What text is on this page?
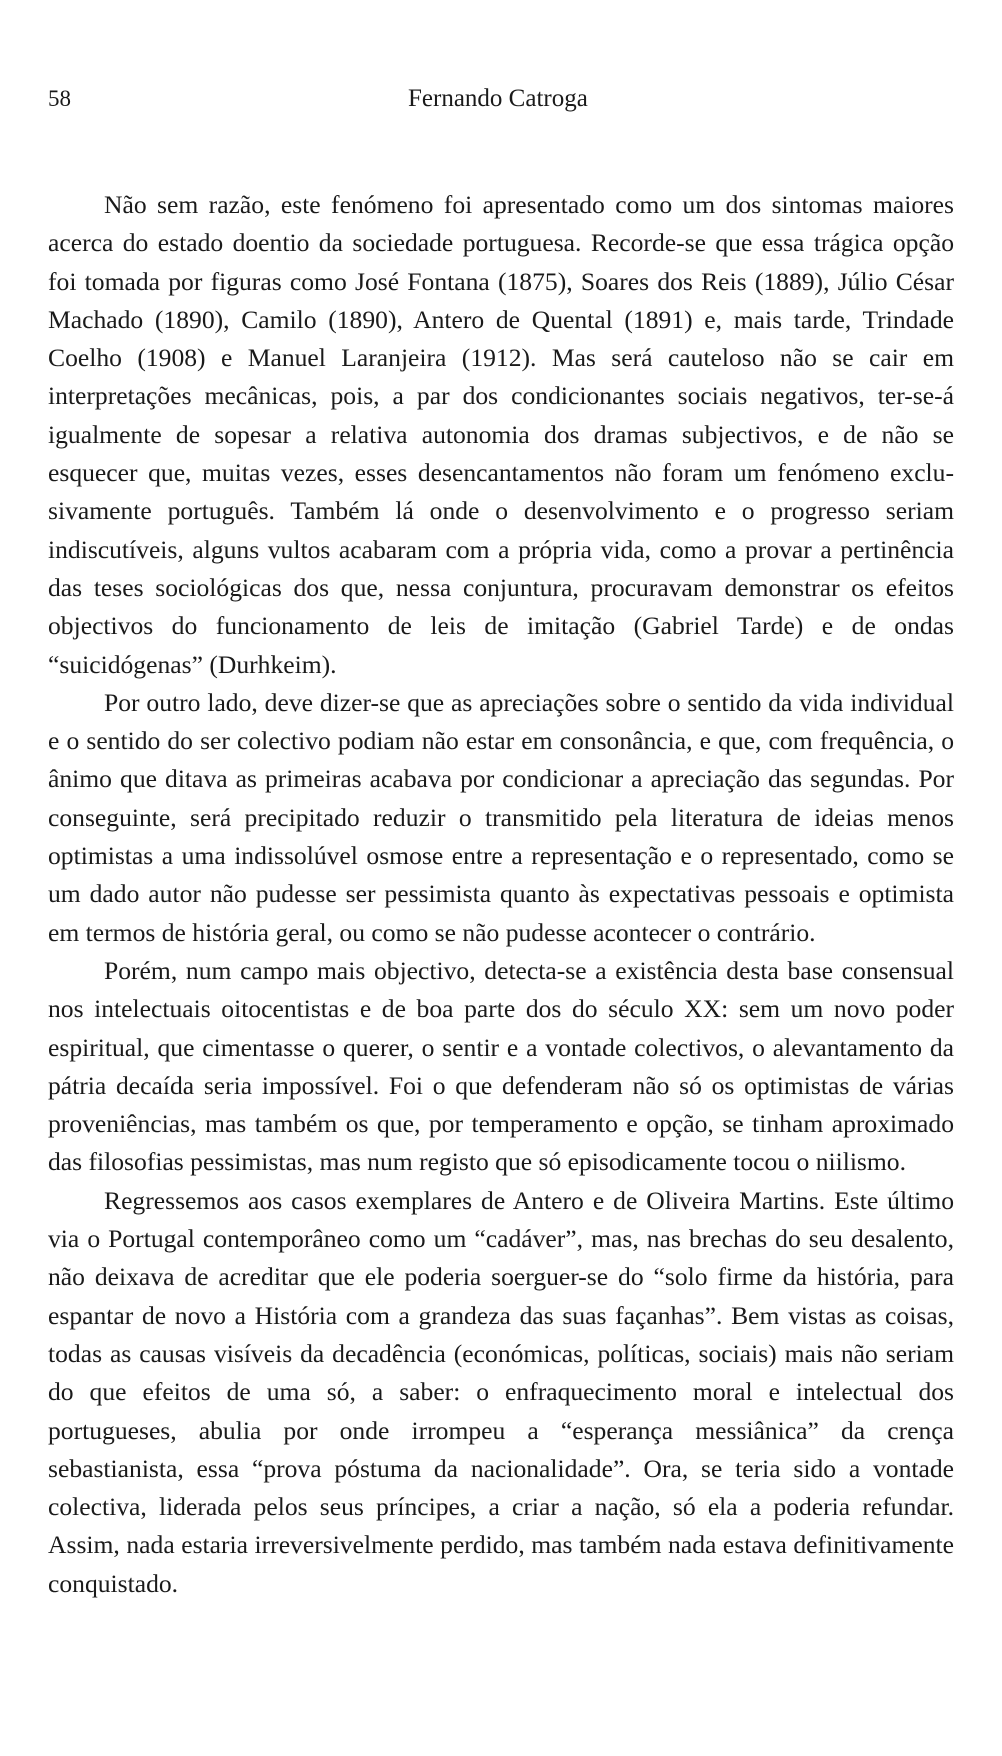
58	Fernando Catroga

Não sem razão, este fenómeno foi apresentado como um dos sintomas maiores acerca do estado doentio da sociedade portuguesa. Recorde-se que essa trágica opção foi tomada por figuras como José Fontana (1875), Soares dos Reis (1889), Júlio César Machado (1890), Camilo (1890), Antero de Quental (1891) e, mais tarde, Trindade Coelho (1908) e Manuel Laranjeira (1912). Mas será cauteloso não se cair em interpretações mecânicas, pois, a par dos condicionantes sociais negativos, ter-se-á igualmente de sopesar a relativa autonomia dos dramas subjectivos, e de não se esquecer que, muitas vezes, esses desencantamentos não foram um fenómeno exclusivamente português. Também lá onde o desenvolvimento e o progresso seriam indiscutíveis, alguns vultos acabaram com a própria vida, como a provar a pertinência das teses sociológicas dos que, nessa conjuntura, procuravam demonstrar os efeitos objectivos do funcionamento de leis de imitação (Gabriel Tarde) e de ondas “suicidógenas” (Durhkeim).

Por outro lado, deve dizer-se que as apreciações sobre o sentido da vida individual e o sentido do ser colectivo podiam não estar em consonância, e que, com frequência, o ânimo que ditava as primeiras acabava por condicionar a apreciação das segundas. Por conseguinte, será precipitado reduzir o transmitido pela literatura de ideias menos optimistas a uma indissolúvel osmose entre a representação e o representado, como se um dado autor não pudesse ser pessimista quanto às expectativas pessoais e optimista em termos de história geral, ou como se não pudesse acontecer o contrário.

Porém, num campo mais objectivo, detecta-se a existência desta base consensual nos intelectuais oitocentistas e de boa parte dos do século XX: sem um novo poder espiritual, que cimentasse o querer, o sentir e a vontade colectivos, o alevantamento da pátria decaída seria impossível. Foi o que defenderam não só os optimistas de várias proveniências, mas também os que, por temperamento e opção, se tinham aproximado das filosofias pessimistas, mas num registo que só episodicamente tocou o niilismo.

Regressemos aos casos exemplares de Antero e de Oliveira Martins. Este último via o Portugal contemporâneo como um “cadáver”, mas, nas brechas do seu desalento, não deixava de acreditar que ele poderia soerguer-se do “solo firme da história, para espantar de novo a História com a grandeza das suas façanhas”. Bem vistas as coisas, todas as causas visíveis da decadência (económicas, políticas, sociais) mais não seriam do que efeitos de uma só, a saber: o enfraquecimento moral e intelectual dos portugueses, abulia por onde irrompeu a “esperança messiânica” da crença sebastianista, essa “prova póstuma da nacionalidade”. Ora, se teria sido a vontade colectiva, liderada pelos seus príncipes, a criar a nação, só ela a poderia refundar. Assim, nada estaria irreversivelmente perdido, mas também nada estava definitivamente conquistado.
